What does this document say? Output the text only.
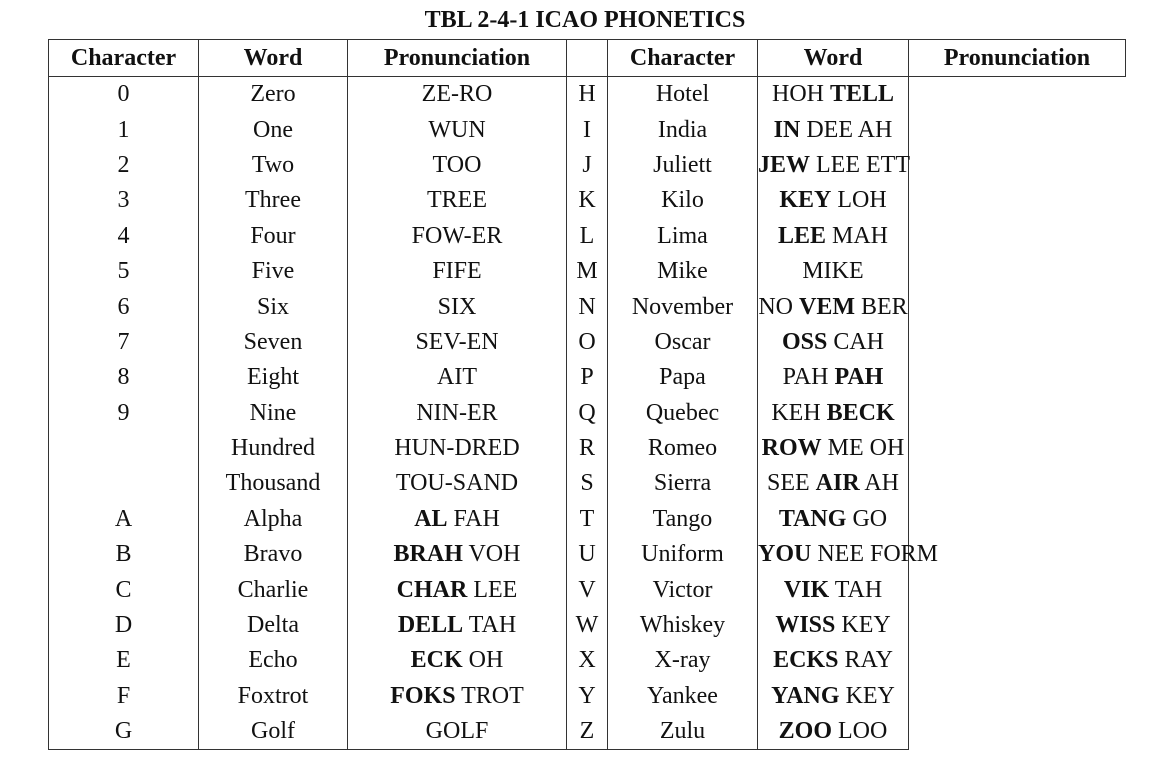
TBL 2-4-1 ICAO PHONETICS
Character	Word	Pronunciation		Character	Word	Pronunciation
0	Zero	ZE-RO	H	Hotel	HOH TELL	
1	One	WUN	I	India	IN DEE AH	
2	Two	TOO	J	Juliett	JEW LEE ETT	
3	Three	TREE	K	Kilo	KEY LOH	
4	Four	FOW-ER	L	Lima	LEE MAH	
5	Five	FIFE	M	Mike	MIKE	
6	Six	SIX	N	November	NO VEM BER	
7	Seven	SEV-EN	O	Oscar	OSS CAH	
8	Eight	AIT	P	Papa	PAH PAH	
9	Nine	NIN-ER	Q	Quebec	KEH BECK	
	Hundred	HUN-DRED	R	Romeo	ROW ME OH	
	Thousand	TOU-SAND	S	Sierra	SEE AIR AH	
A	Alpha	AL FAH	T	Tango	TANG GO	
B	Bravo	BRAH VOH	U	Uniform	YOU NEE FORM	
C	Charlie	CHAR LEE	V	Victor	VIK TAH	
D	Delta	DELL TAH	W	Whiskey	WISS KEY	
E	Echo	ECK OH	X	X-ray	ECKS RAY	
F	Foxtrot	FOKS TROT	Y	Yankee	YANG KEY	
G	Golf	GOLF	Z	Zulu	ZOO LOO	
